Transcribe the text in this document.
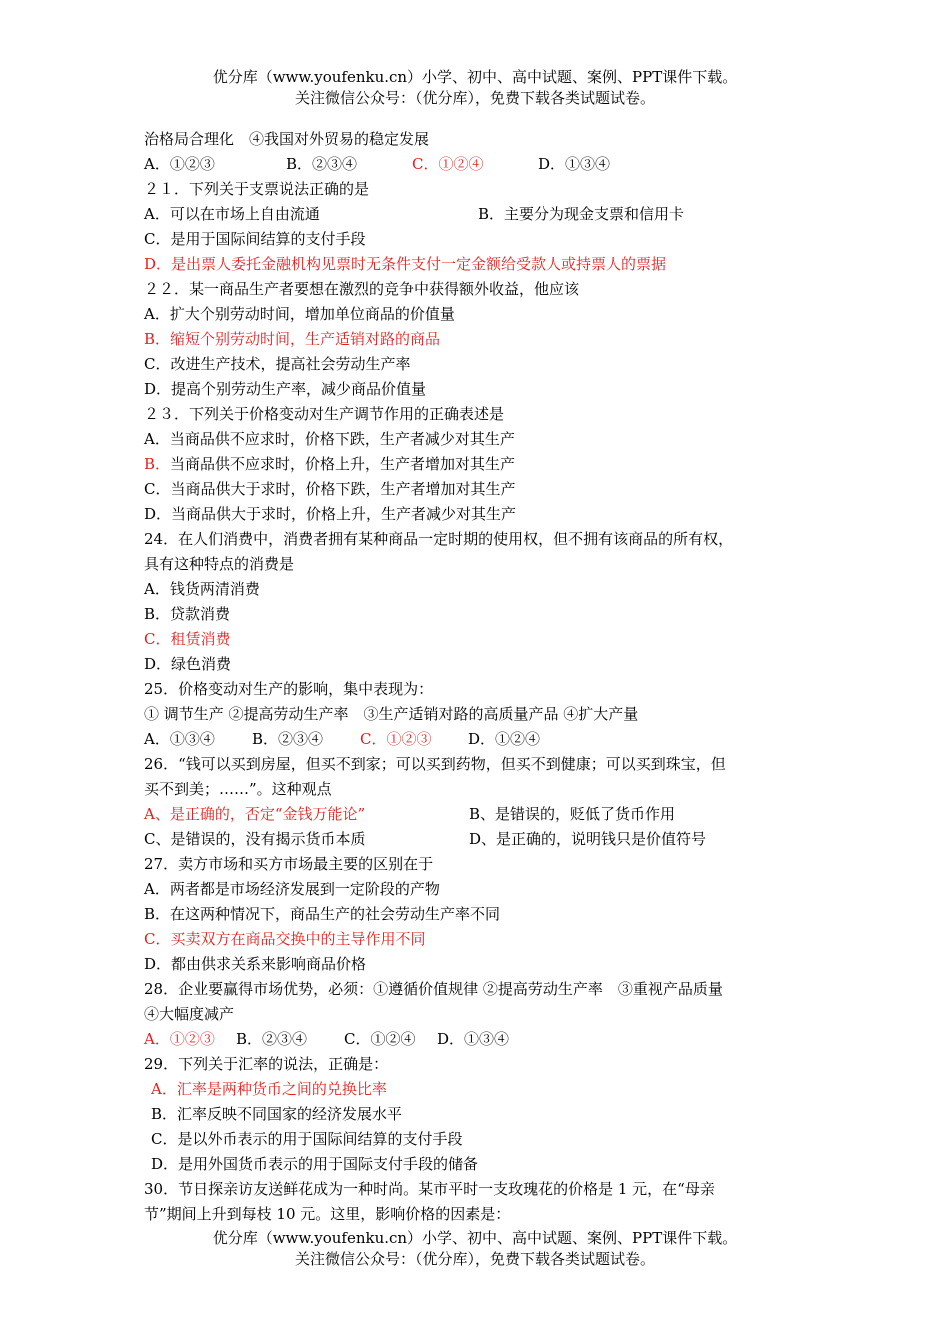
优分库（www.youfenku.cn）小学、初中、高中试题、案例、PPT课件下载。
关注微信公众号：（优分库），免费下载各类试题试卷。
治格局合理化　④我国对外贸易的稳定发展
A．①②③	B．②③④	C．①②④	D．①③④
２１．下列关于支票说法正确的是
A．可以在市场上自由流通	B．主要分为现金支票和信用卡
C．是用于国际间结算的支付手段
D．是出票人委托金融机构见票时无条件支付一定金额给受款人或持票人的票据
２２．某一商品生产者要想在激烈的竞争中获得额外收益，他应该
A．扩大个别劳动时间，增加单位商品的价值量
B．缩短个别劳动时间，生产适销对路的商品
C．改进生产技术，提高社会劳动生产率
D．提高个别劳动生产率，减少商品价值量
２３．下列关于价格变动对生产调节作用的正确表述是
A．当商品供不应求时，价格下跌，生产者减少对其生产
B．当商品供不应求时，价格上升，生产者增加对其生产
C．当商品供大于求时，价格下跌，生产者增加对其生产
D．当商品供大于求时，价格上升，生产者减少对其生产
24．在人们消费中，消费者拥有某种商品一定时期的使用权，但不拥有该商品的所有权，
具有这种特点的消费是
A．钱货两清消费
B．贷款消费
C．租赁消费
D．绿色消费
25．价格变动对生产的影响，集中表现为：
① 调节生产 ②提高劳动生产率　③生产适销对路的高质量产品 ④扩大产量
A．①③④ B．②③④ C．①②③ D．①②④
26．“钱可以买到房屋，但买不到家；可以买到药物，但买不到健康；可以买到珠宝，但
买不到美；……”。这种观点
A、是正确的，否定“金钱万能论”	B、是错误的，贬低了货币作用
C、是错误的，没有揭示货币本质	D、是正确的，说明钱只是价值符号
27．卖方市场和买方市场最主要的区别在于
A．两者都是市场经济发展到一定阶段的产物
B．在这两种情况下，商品生产的社会劳动生产率不同
C．买卖双方在商品交换中的主导作用不同
D．都由供求关系来影响商品价格
28．企业要赢得市场优势，必须：①遵循价值规律 ②提高劳动生产率　③重视产品质量
④大幅度减产
A．①②③ B．②③④ C．①②④ D．①③④
29．下列关于汇率的说法，正确是：
A．汇率是两种货币之间的兑换比率
B．汇率反映不同国家的经济发展水平
C．是以外币表示的用于国际间结算的支付手段
D．是用外国货币表示的用于国际支付手段的储备
30．节日探亲访友送鲜花成为一种时尚。某市平时一支玫瑰花的价格是 1 元，在“母亲
节”期间上升到每枝 10 元。这里，影响价格的因素是：
优分库（www.youfenku.cn）小学、初中、高中试题、案例、PPT课件下载。
关注微信公众号：（优分库），免费下载各类试题试卷。
